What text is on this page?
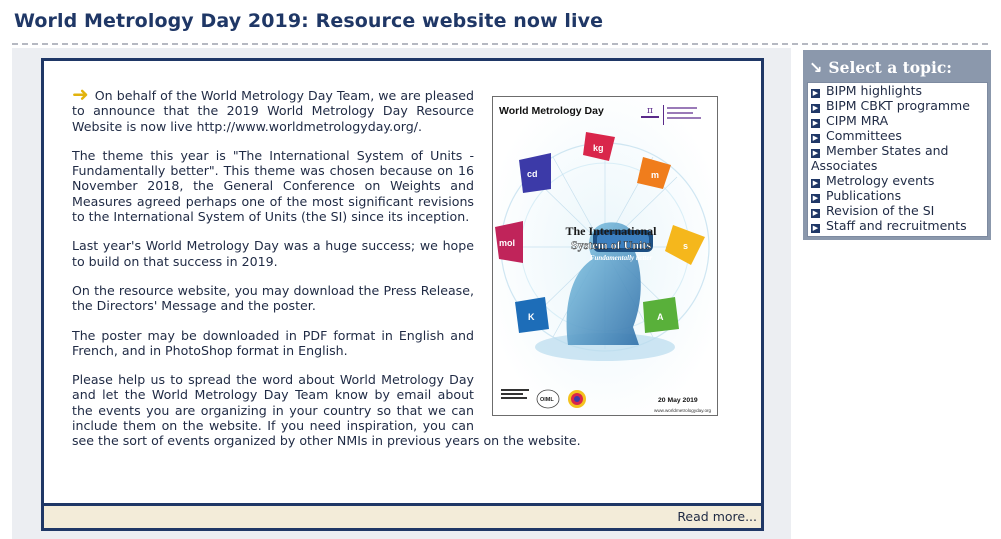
World Metrology Day 2019: Resource website now live
kg
m
s
A
K
mol
cd
The International
System of Units
Fundamentally better
π
OIML
World Metrology Day
20 May 2019
www.worldmetrologyday.org

➜ On behalf of the World Metrology Day Team, we are pleased to announce that the 2019 World Metrology Day Resource Website is now live http://www.worldmetrologyday.org/.

The theme this year is "The International System of Units - Fundamentally better". This theme was chosen because on 16 November 2018, the General Conference on Weights and Measures agreed perhaps one of the most significant revisions to the International System of Units (the SI) since its inception.

Last year's World Metrology Day was a huge success; we hope to build on that success in 2019.

On the resource website, you may download the Press Release, the Directors' Message and the poster.

The poster may be downloaded in PDF format in English and French, and in PhotoShop format in English.

Please help us to spread the word about World Metrology Day and let the World Metrology Day Team know by email about the events you are organizing in your country so that we can include them on the website. If you need inspiration, you can see the sort of events organized by other NMIs in previous years on the website.

Read more...
↘ Select a topic:
▶ BIPM highlights
▶ BIPM CBKT programme
▶ CIPM MRA
▶ Committees
▶ Member States and Associates
▶ Metrology events
▶ Publications
▶ Revision of the SI
▶ Staff and recruitments
